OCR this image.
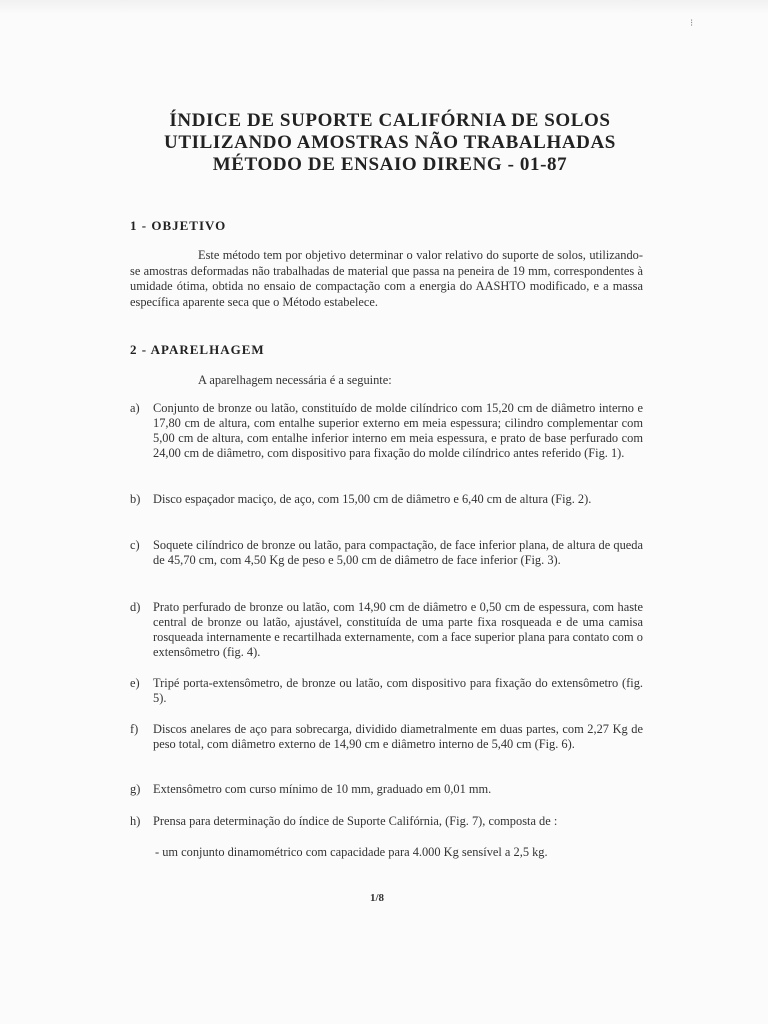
⁝
ÍNDICE DE SUPORTE CALIFÓRNIA DE SOLOS
UTILIZANDO AMOSTRAS NÃO TRABALHADAS
MÉTODO DE ENSAIO DIRENG - 01-87
1 - OBJETIVO
Este método tem por objetivo determinar o valor relativo do suporte de solos, utilizando-se amostras deformadas não trabalhadas de material que passa na peneira de 19 mm, correspondentes à umidade ótima, obtida no ensaio de compactação com a energia do AASHTO modificado, e a massa específica aparente seca que o Método estabelece.
2 - APARELHAGEM
A aparelhagem necessária é a seguinte:
a)	Conjunto de bronze ou latão, constituído de molde cilíndrico com 15,20 cm de diâmetro interno e 17,80 cm de altura, com entalhe superior externo em meia espessura; cilindro complementar com 5,00 cm de altura, com entalhe inferior interno em meia espessura, e prato de base perfurado com 24,00 cm de diâmetro, com dispositivo para fixação do molde cilíndrico antes referido (Fig. 1).
b)	Disco espaçador maciço, de aço, com 15,00 cm de diâmetro e 6,40 cm de altura (Fig. 2).
c)	Soquete cilíndrico de bronze ou latão, para compactação, de face inferior plana, de altura de queda de 45,70 cm, com 4,50 Kg de peso e 5,00 cm de diâmetro de face inferior (Fig. 3).
d)	Prato perfurado de bronze ou latão, com 14,90 cm de diâmetro e 0,50 cm de espessura, com haste central de bronze ou latão, ajustável, constituída de uma parte fixa rosqueada e de uma camisa rosqueada internamente e recartilhada externamente, com a face superior plana para contato com o extensômetro (fig. 4).
e)	Tripé porta-extensômetro, de bronze ou latão, com dispositivo para fixação do extensômetro (fig. 5).
f)	Discos anelares de aço para sobrecarga, dividido diametralmente em duas partes, com 2,27 Kg de peso total, com diâmetro externo de 14,90 cm e diâmetro interno de 5,40 cm (Fig. 6).
g)	Extensômetro com curso mínimo de 10 mm, graduado em 0,01 mm.
h)	Prensa para determinação do índice de Suporte Califórnia, (Fig. 7), composta de :
- um conjunto dinamométrico com capacidade para 4.000 Kg sensível a 2,5 kg.
1/8
